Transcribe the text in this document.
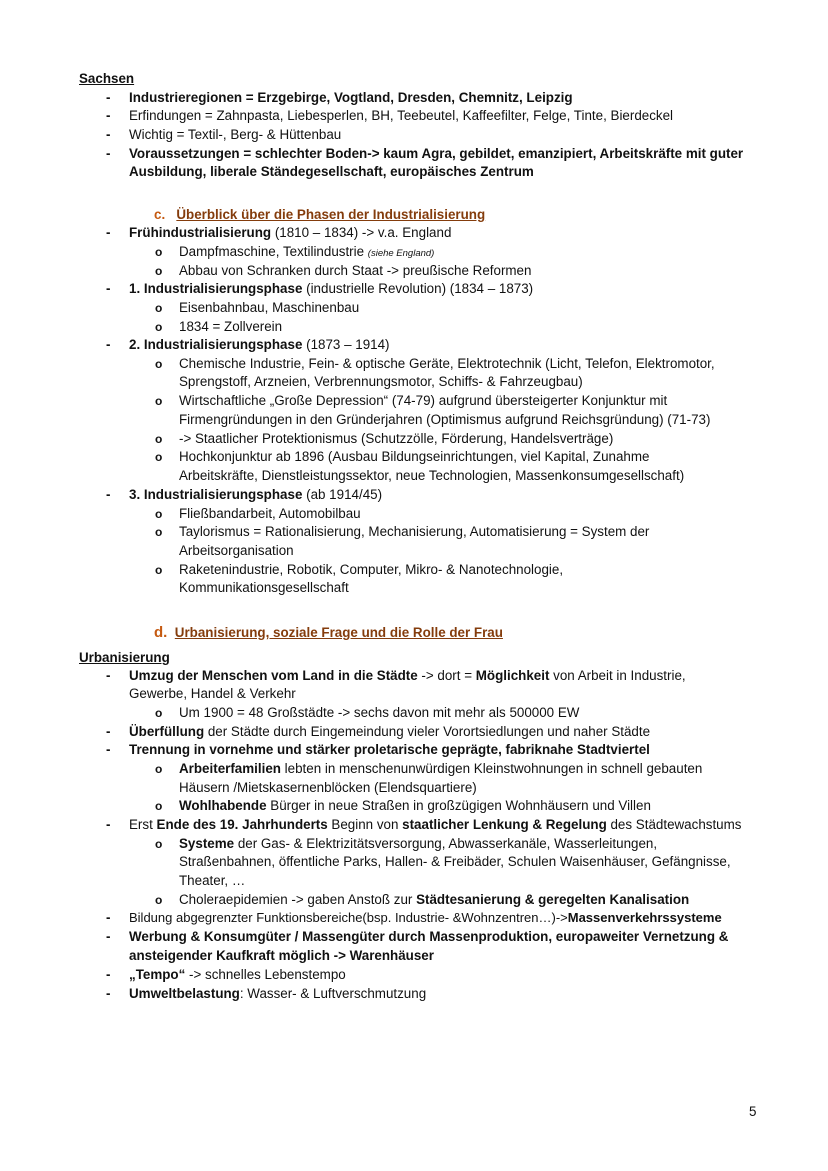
Sachsen
- Industrieregionen = Erzgebirge, Vogtland, Dresden, Chemnitz, Leipzig
- Erfindungen = Zahnpasta, Liebesperlen, BH, Teebeutel, Kaffeefilter, Felge, Tinte, Bierdeckel
- Wichtig = Textil-, Berg- & Hüttenbau
- Voraussetzungen = schlechter Boden-> kaum Agra, gebildet, emanzipiert, Arbeitskräfte mit guter
Ausbildung, liberale Ständegesellschaft, europäisches Zentrum
c. Überblick über die Phasen der Industrialisierung
- Frühindustrialisierung (1810 – 1834) -> v.a. England
o Dampfmaschine, Textilindustrie (siehe England)
o Abbau von Schranken durch Staat -> preußische Reformen
- 1. Industrialisierungsphase (industrielle Revolution) (1834 – 1873)
o Eisenbahnbau, Maschinenbau
o 1834 = Zollverein
- 2. Industrialisierungsphase (1873 – 1914)
o Chemische Industrie, Fein- & optische Geräte, Elektrotechnik (Licht, Telefon, Elektromotor,
Sprengstoff, Arzneien, Verbrennungsmotor, Schiffs- & Fahrzeugbau)
o Wirtschaftliche „Große Depression“ (74-79) aufgrund übersteigerter Konjunktur mit
Firmengründungen in den Gründerjahren (Optimismus aufgrund Reichsgründung) (71-73)
o -> Staatlicher Protektionismus (Schutzzölle, Förderung, Handelsverträge)
o Hochkonjunktur ab 1896 (Ausbau Bildungseinrichtungen, viel Kapital, Zunahme
Arbeitskräfte, Dienstleistungssektor, neue Technologien, Massenkonsumgesellschaft)
- 3. Industrialisierungsphase (ab 1914/45)
o Fließbandarbeit, Automobilbau
o Taylorismus = Rationalisierung, Mechanisierung, Automatisierung = System der
Arbeitsorganisation
o Raketenindustrie, Robotik, Computer, Mikro- & Nanotechnologie,
Kommunikationsgesellschaft
d. Urbanisierung, soziale Frage und die Rolle der Frau
Urbanisierung
- Umzug der Menschen vom Land in die Städte -> dort = Möglichkeit von Arbeit in Industrie,
Gewerbe, Handel & Verkehr
o Um 1900 = 48 Großstädte -> sechs davon mit mehr als 500000 EW
- Überfüllung der Städte durch Eingemeindung vieler Vorortsiedlungen und naher Städte
- Trennung in vornehme und stärker proletarische geprägte, fabriknahe Stadtviertel
o Arbeiterfamilien lebten in menschenunwürdigen Kleinstwohnungen in schnell gebauten
Häusern /Mietskasernenblöcken (Elendsquartiere)
o Wohlhabende Bürger in neue Straßen in großzügigen Wohnhäusern und Villen
- Erst Ende des 19. Jahrhunderts Beginn von staatlicher Lenkung & Regelung des Städtewachstums
o Systeme der Gas- & Elektrizitätsversorgung, Abwasserkanäle, Wasserleitungen,
Straßenbahnen, öffentliche Parks, Hallen- & Freibäder, Schulen Waisenhäuser, Gefängnisse,
Theater, …
o Choleraepidemien -> gaben Anstoß zur Städtesanierung & geregelten Kanalisation
- Bildung abgegrenzter Funktionsbereiche(bsp. Industrie- &Wohnzentren…)->Massenverkehrssysteme
- Werbung & Konsumgüter / Massengüter durch Massenproduktion, europaweiter Vernetzung &
ansteigender Kaufkraft möglich -> Warenhäuser
- „Tempo“ -> schnelles Lebenstempo
- Umweltbelastung: Wasser- & Luftverschmutzung
5
